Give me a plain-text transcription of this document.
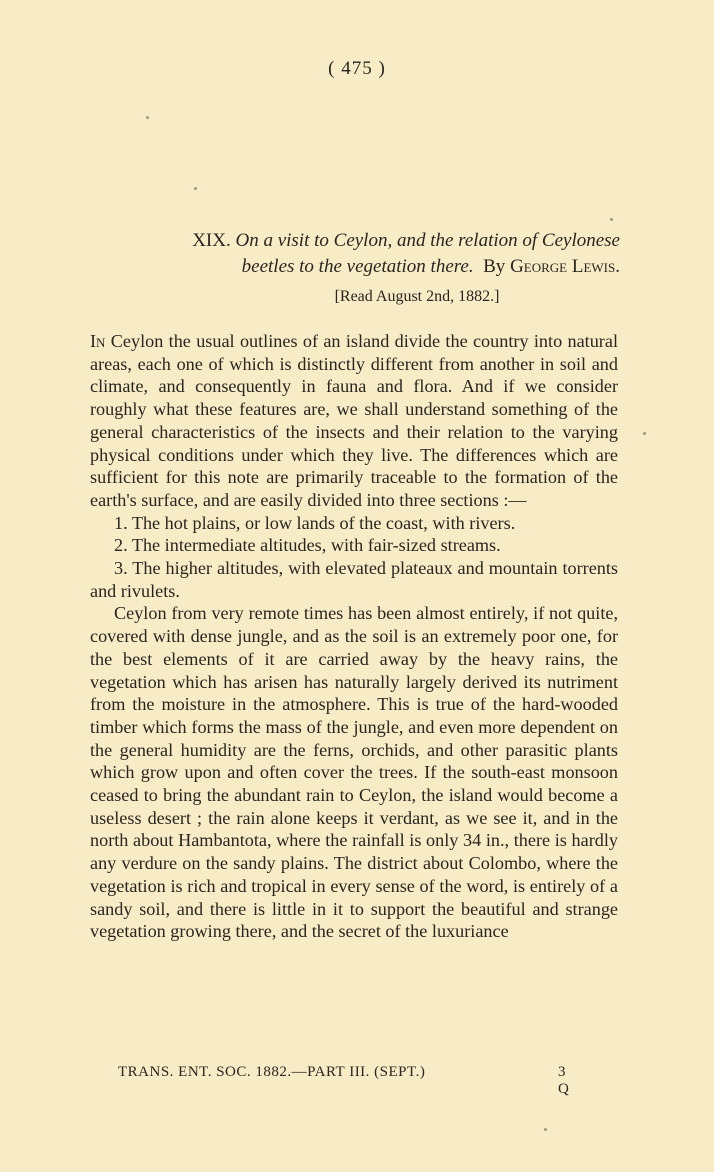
( 475 )
XIX. On a visit to Ceylon, and the relation of Ceylonese
beetles to the vegetation there. By George Lewis.
[Read August 2nd, 1882.]

In Ceylon the usual outlines of an island divide the country into natural areas, each one of which is distinctly different from another in soil and climate, and consequently in fauna and flora. And if we consider roughly what these features are, we shall understand something of the general characteristics of the insects and their relation to the varying physical conditions under which they live. The differences which are sufficient for this note are primarily traceable to the formation of the earth's surface, and are easily divided into three sections :—

1. The hot plains, or low lands of the coast, with rivers.

2. The intermediate altitudes, with fair-sized streams.

3. The higher altitudes, with elevated plateaux and mountain torrents and rivulets.

Ceylon from very remote times has been almost entirely, if not quite, covered with dense jungle, and as the soil is an extremely poor one, for the best elements of it are carried away by the heavy rains, the vegetation which has arisen has naturally largely derived its nutriment from the moisture in the atmosphere. This is true of the hard-wooded timber which forms the mass of the jungle, and even more dependent on the general humidity are the ferns, orchids, and other parasitic plants which grow upon and often cover the trees. If the south-east monsoon ceased to bring the abundant rain to Ceylon, the island would become a useless desert ; the rain alone keeps it verdant, as we see it, and in the north about Hambantota, where the rainfall is only 34 in., there is hardly any verdure on the sandy plains. The district about Colombo, where the vegetation is rich and tropical in every sense of the word, is entirely of a sandy soil, and there is little in it to support the beautiful and strange vegetation growing there, and the secret of the luxuriance

TRANS. ENT. SOC. 1882.—PART III. (SEPT.)	3 Q
